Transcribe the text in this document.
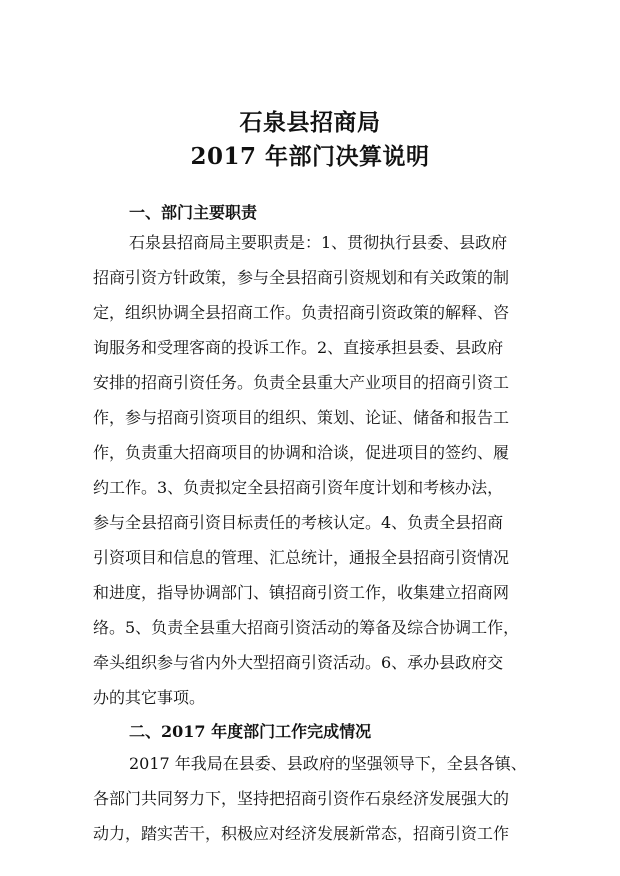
石泉县招商局
2017 年部门决算说明
一、部门主要职责
石泉县招商局主要职责是：1、贯彻执行县委、县政府
招商引资方针政策，参与全县招商引资规划和有关政策的制
定，组织协调全县招商工作。负责招商引资政策的解释、咨
询服务和受理客商的投诉工作。2、直接承担县委、县政府
安排的招商引资任务。负责全县重大产业项目的招商引资工
作，参与招商引资项目的组织、策划、论证、储备和报告工
作，负责重大招商项目的协调和洽谈，促进项目的签约、履
约工作。3、负责拟定全县招商引资年度计划和考核办法，
参与全县招商引资目标责任的考核认定。4、负责全县招商
引资项目和信息的管理、汇总统计，通报全县招商引资情况
和进度，指导协调部门、镇招商引资工作，收集建立招商网
络。5、负责全县重大招商引资活动的筹备及综合协调工作，
牵头组织参与省内外大型招商引资活动。6、承办县政府交
办的其它事项。
二、2017 年度部门工作完成情况
2017 年我局在县委、县政府的坚强领导下，全县各镇、
各部门共同努力下，坚持把招商引资作石泉经济发展强大的
动力，踏实苦干，积极应对经济发展新常态，招商引资工作
